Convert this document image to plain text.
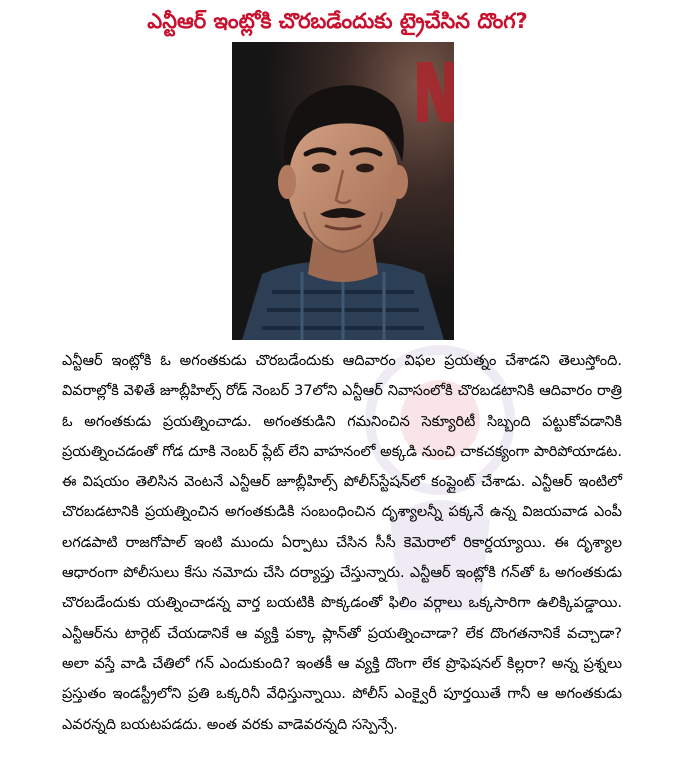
ఎన్టీఆర్ ఇంట్లోకి చొరబడేందుకు ట్రైచేసిన దొంగ?

ఎన్టీఆర్ ఇంట్లోకి ఓ అగంతకుడు చొరబడేందుకు ఆదివారం విఫల ప్రయత్నం చేశాడని తెలుస్తోంది. వివరాల్లోకి వెళితే జూబ్లీహిల్స్ రోడ్ నెంబర్ 37లోని ఎన్టీఆర్ నివాసంలోకి చొరబడటానికి ఆదివారం రాత్రి ఓ అగంతకుడు ప్రయత్నించాడు. అగంతకుడిని గమనించిన సెక్యూరిటీ సిబ్బంది పట్టుకోవడానికి ప్రయత్నించడంతో గోడ దూకి నెంబర్ ప్లేట్ లేని వాహనంలో అక్కడి నుంచి చాకచక్యంగా పారిపోయాడట. ఈ విషయం తెలిసిన వెంటనే ఎన్టీఆర్ జూబ్లీహిల్స్ పోలీస్‌స్టేషన్‌లో కంప్లైంట్ చేశాడు. ఎన్టీఆర్ ఇంటిలో చొరబడటానికి ప్రయత్నించిన అగంతకుడికి సంబంధించిన దృశ్యాలన్నీ పక్కనే ఉన్న విజయవాడ ఎంపీ లగడపాటి రాజగోపాల్ ఇంటి ముందు ఏర్పాటు చేసిన సీసీ కెమెరాలో రికార్డయ్యాయి. ఈ దృశ్యాల ఆధారంగా పోలీసులు కేసు నమోదు చేసి దర్యాప్తు చేస్తున్నారు. ఎన్టీఆర్ ఇంట్లోకి గన్‌తో ఓ అగంతకుడు చొరబడేందుకు యత్నించాడన్న వార్త బయటికి పొక్కడంతో ఫిలిం వర్గాలు ఒక్కసారిగా ఉలిక్కిపడ్డాయి. ఎన్టీఆర్‌ను టార్గెట్ చేయడానికే ఆ వ్యక్తి పక్కా ప్లాన్‌తో ప్రయత్నించాడా? లేక దొంగతనానికే వచ్చాడా? అలా వస్తే వాడి చేతిలో గన్ ఎందుకుంది? ఇంతకీ ఆ వ్యక్తి దొంగా లేక ప్రొఫెషనల్ కిల్లరా? అన్న ప్రశ్నలు ప్రస్తుతం ఇండస్ట్రీలోని ప్రతి ఒక్కరినీ వేధిస్తున్నాయి. పోలీస్ ఎంక్వైరీ పూర్తయితే గానీ ఆ అగంతకుడు ఎవరన్నది బయటపడదు. అంత వరకు వాడెవరన్నది సస్పెన్సే.
